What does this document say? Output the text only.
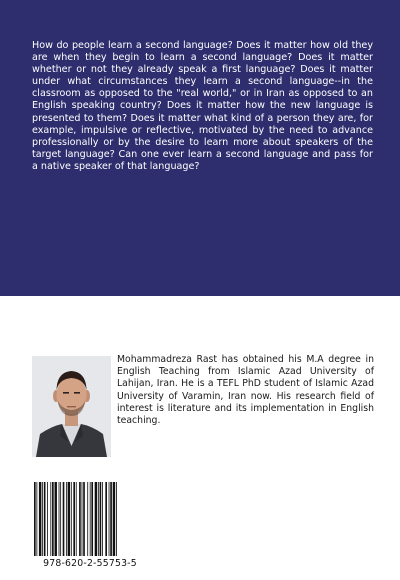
How do people learn a second language? Does it matter how old they are when they begin to learn a second language? Does it matter whether or not they already speak a first language? Does it matter under what circumstances they learn a second language--in the classroom as opposed to the "real world," or in Iran as opposed to an English speaking country? Does it matter how the new language is presented to them? Does it matter what kind of a person they are, for example, impulsive or reflective, motivated by the need to advance professionally or by the desire to learn more about speakers of the target language? Can one ever learn a second language and pass for a native speaker of that language?

Mohammadreza Rast has obtained his M.A degree in English Teaching from Islamic Azad University of Lahijan, Iran. He is a TEFL PhD student of Islamic Azad University of Varamin, Iran now. His research field of interest is literature and its implementation in English teaching.

978-620-2-55753-5
